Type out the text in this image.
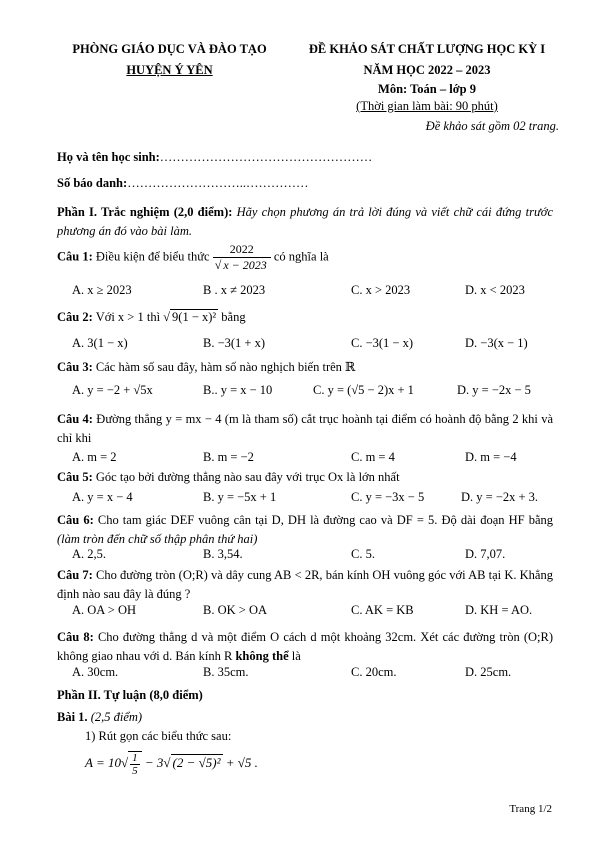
PHÒNG GIÁO DỤC VÀ ĐÀO TẠO
HUYỆN Ý YÊN
ĐỀ KHẢO SÁT CHẤT LƯỢNG HỌC KỲ I
NĂM HỌC 2022 – 2023
Môn: Toán – lớp 9
(Thời gian làm bài: 90 phút)
Đề khảo sát gồm 02 trang.
Họ và tên học sinh:……………………………………………
Số báo danh:………………………..……………
Phần I. Trắc nghiệm (2,0 điểm): Hãy chọn phương án trả lời đúng và viết chữ cái đứng trước phương án đó vào bài làm.
Câu 1: Điều kiện để biểu thức $\frac{2022}{√ x - 2023}$ có nghĩa là
A. x ≥ 2023	B . x ≠ 2023	C. x > 2023	D. x < 2023
Câu 2: Với x > 1 thì √ 9(1 − x)² bằng
A. 3(1 − x)	B. −3(1 + x)	C. −3(1 − x)	D. −3(x − 1)
Câu 3: Các hàm số sau đây, hàm số nào nghịch biến trên ℝ
A. y = −2 + √5x	B.. y = x − 10	C. y = (√5 − 2)x + 1	D. y = −2x − 5
Câu 4: Đường thẳng y = mx − 4 (m là tham số) cắt trục hoành tại điểm có hoành độ bằng 2 khi và chỉ khi
A. m = 2	B. m = −2	C. m = 4	D. m = −4
Câu 5: Góc tạo bởi đường thẳng nào sau đây với trục Ox là lớn nhất
A. y = x − 4	B. y = −5x + 1	C. y = −3x − 5	D. y = −2x + 3.
Câu 6: Cho tam giác DEF vuông cân tại D, DH là đường cao và DF = 5. Độ dài đoạn HF bằng (làm tròn đến chữ số thập phân thứ hai)
A. 2,5.	B. 3,54.	C. 5.	D. 7,07.
Câu 7: Cho đường tròn (O;R) và dây cung AB < 2R, bán kính OH vuông góc với AB tại K. Khẳng định nào sau đây là đúng ?
A. OA > OH	B. OK > OA	C. AK = KB	D. KH = AO.
Câu 8: Cho đường thẳng d và một điểm O cách d một khoảng 32cm. Xét các đường tròn (O;R) không giao nhau với d. Bán kính R không thể là
A. 30cm.	B. 35cm.	C. 20cm.	D. 25cm.
Phần II. Tự luận (8,0 điểm)
Bài 1. (2,5 điểm)
1) Rút gọn các biểu thức sau:
$A = 10√ \frac{1}{5} - 3√$ (2 − √5)² + √5 .
Trang 1/2
